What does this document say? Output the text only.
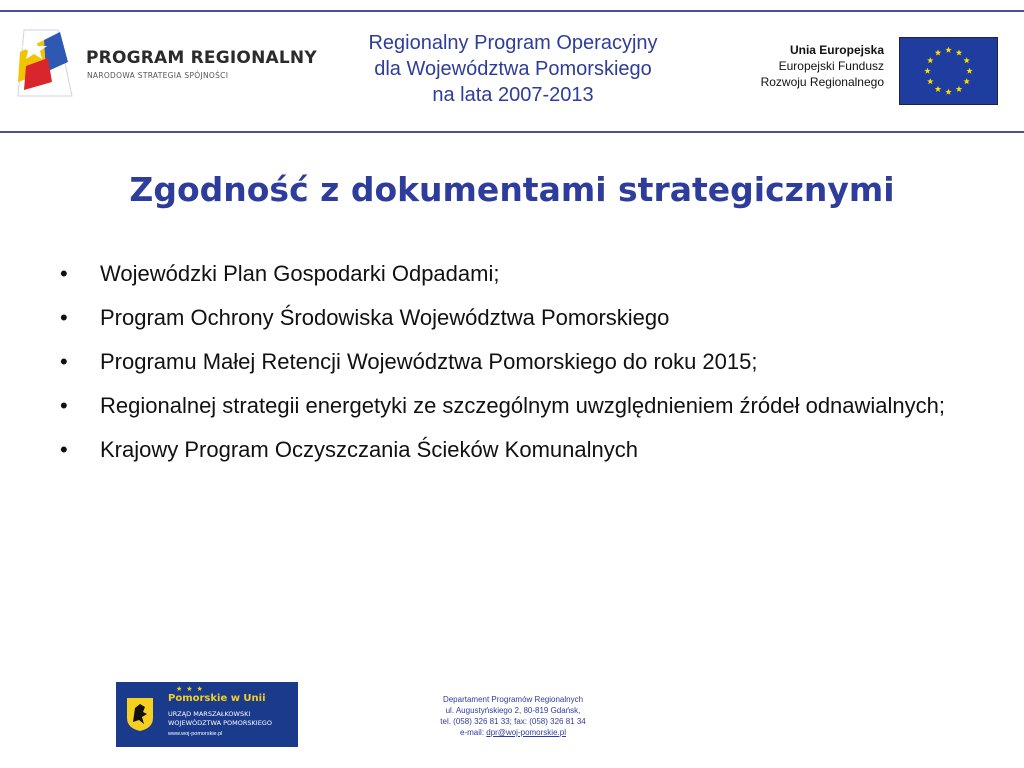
PROGRAM REGIONALNY
NARODOWA STRATEGIA SPÓJNOŚCI
Regionalny Program Operacyjny
dla Województwa Pomorskiego
na lata 2007-2013
Unia Europejska
Europejski Fundusz
Rozwoju Regionalnego
Zgodność z dokumentami strategicznymi
• Wojewódzki Plan Gospodarki Odpadami;
• Program Ochrony Środowiska Województwa Pomorskiego
• Programu Małej Retencji Województwa Pomorskiego do roku 2015;
• Regionalnej strategii energetyki ze szczególnym uwzględnieniem źródeł odnawialnych;
• Krajowy Program Oczyszczania Ścieków Komunalnych
★ ★ ★
Pomorskie w Unii
URZĄD MARSZAŁKOWSKI
WOJEWÓDZTWA POMORSKIEGO
www.woj-pomorskie.pl
Departament Programów Regionalnych
ul. Augustyńskiego 2, 80-819 Gdańsk,
tel. (058) 326 81 33; fax: (058) 326 81 34
e-mail: dpr@woj-pomorskie.pl
